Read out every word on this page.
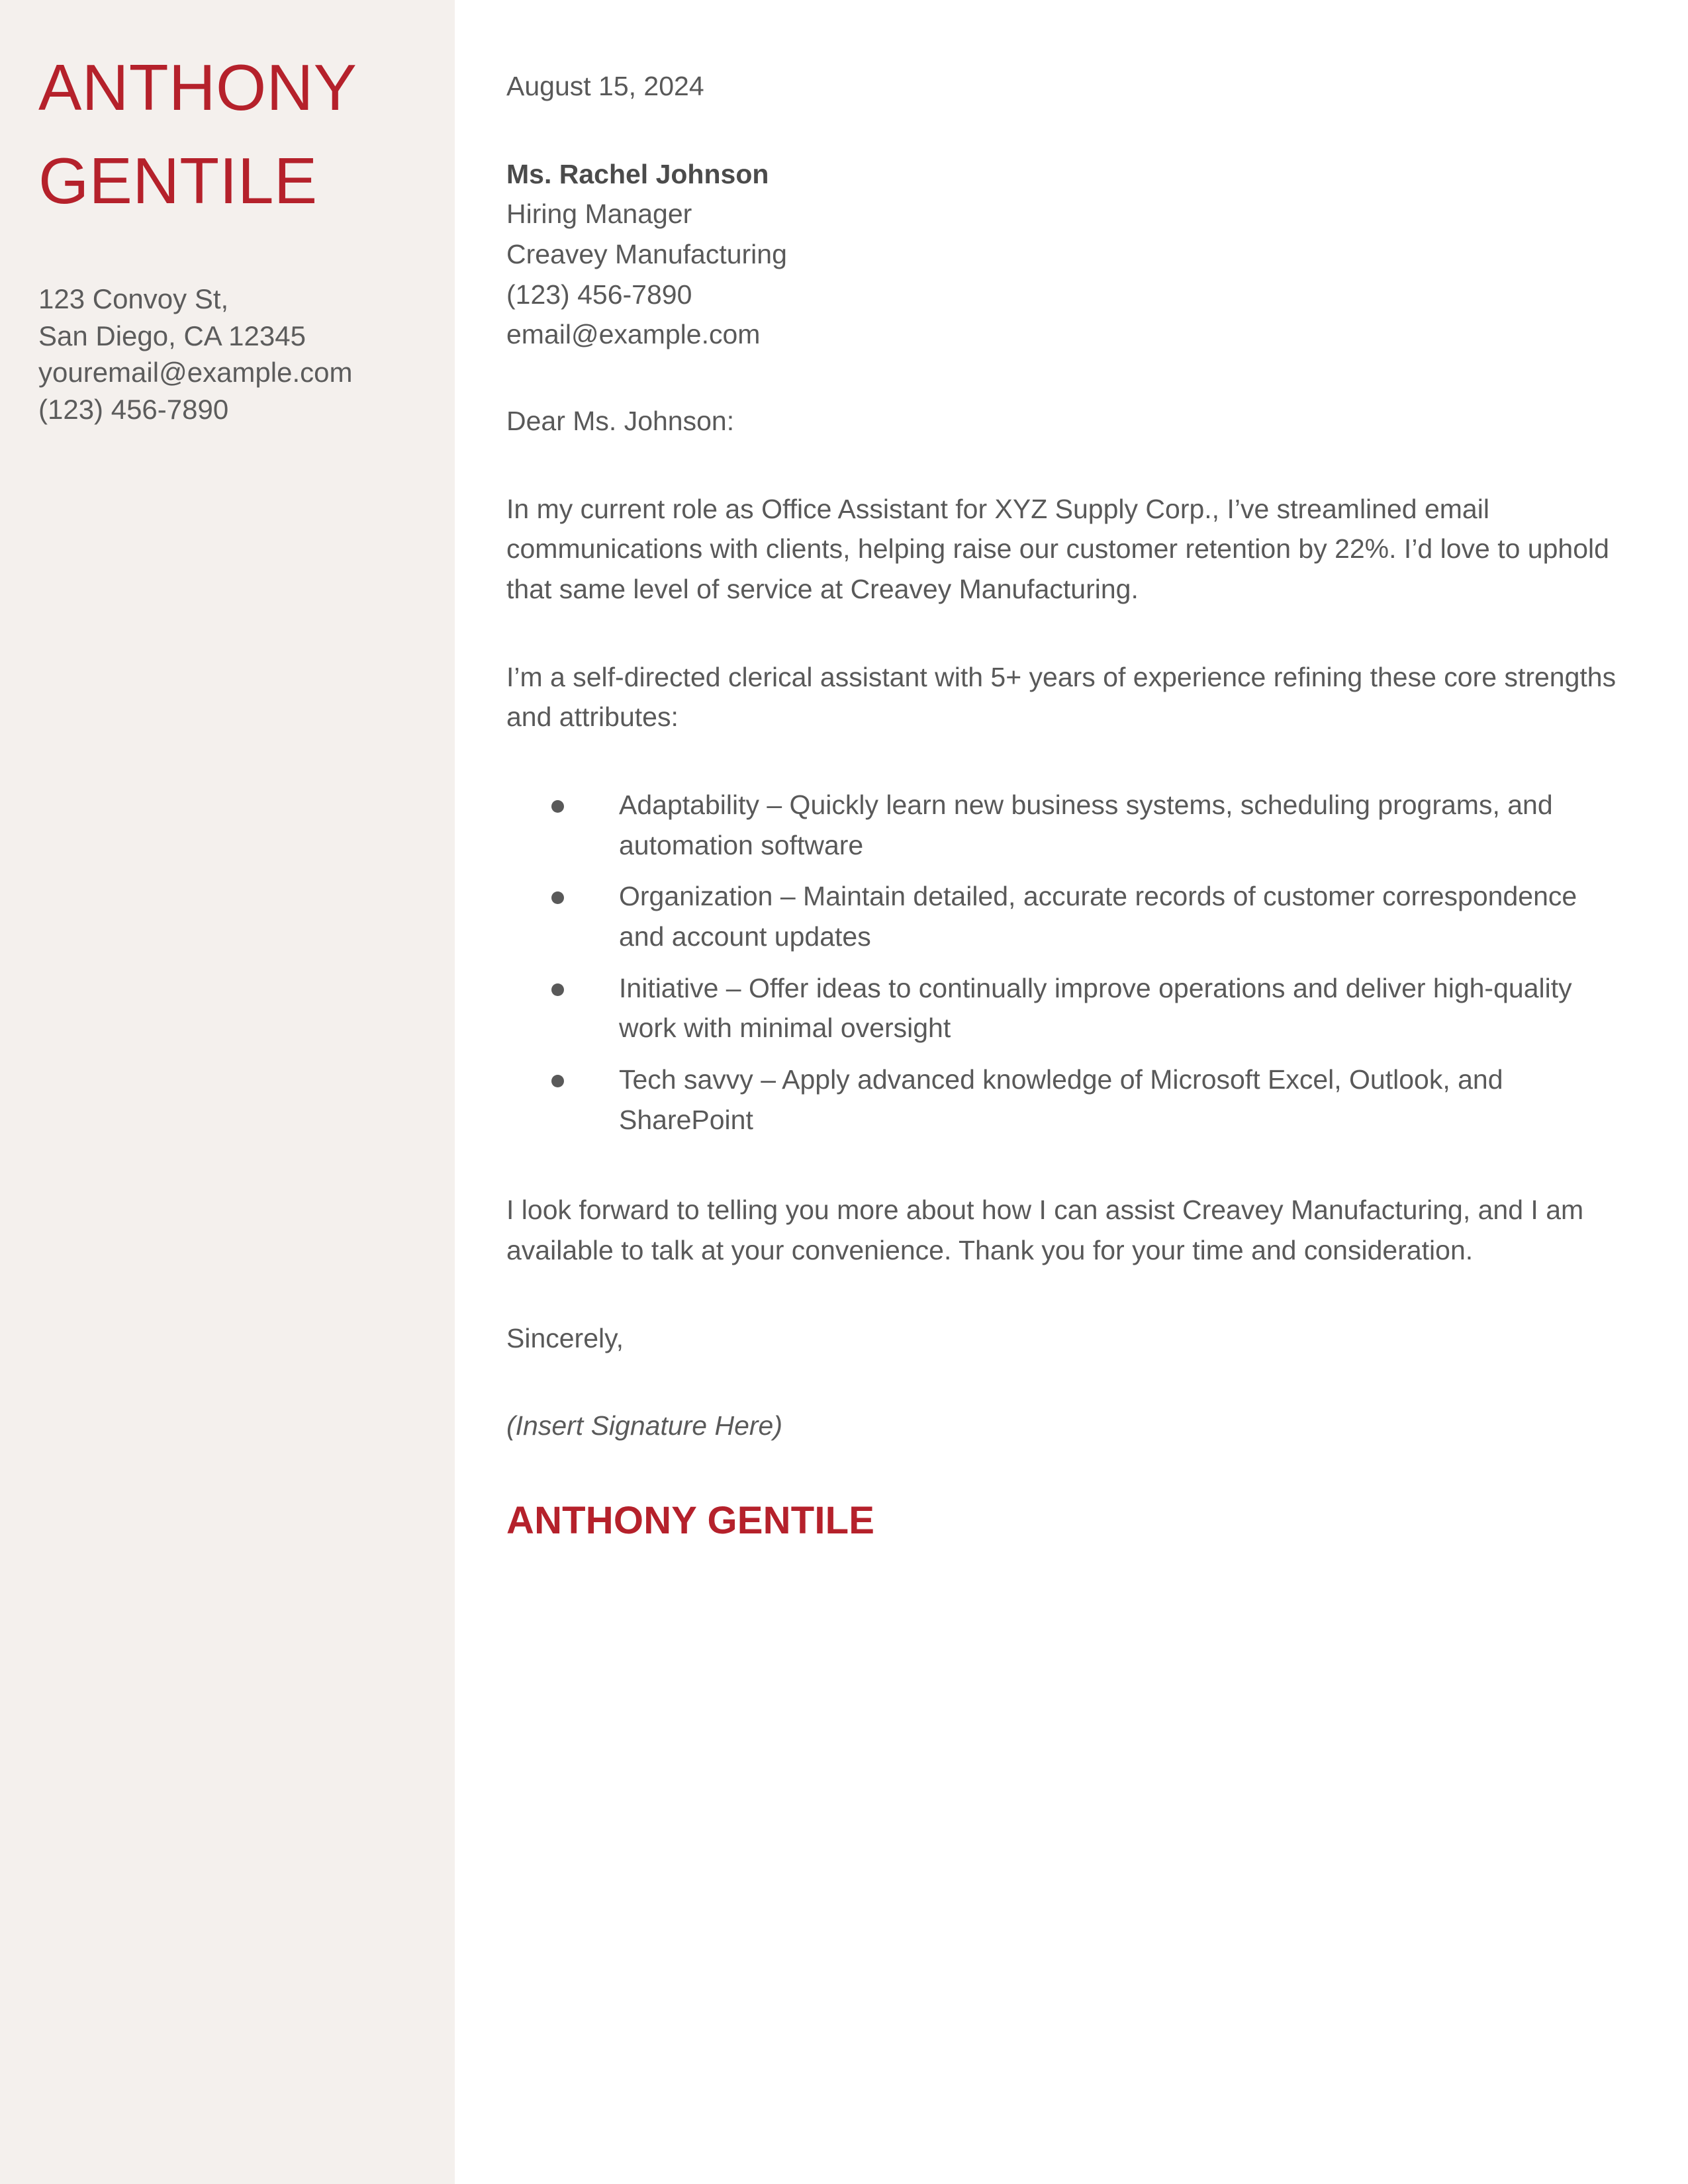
ANTHONY
GENTILE
123 Convoy St,
San Diego, CA 12345
youremail@example.com
(123) 456-7890

August 15, 2024

Ms. Rachel Johnson
Hiring Manager
Creavey Manufacturing
(123) 456-7890
email@example.com

Dear Ms. Johnson:

In my current role as Office Assistant for XYZ Supply Corp., I’ve streamlined email communications with clients, helping raise our customer retention by 22%. I’d love to uphold that same level of service at Creavey Manufacturing.

I’m a self-directed clerical assistant with 5+ years of experience refining these core strengths and attributes:

Adaptability – Quickly learn new business systems, scheduling programs, and automation software
Organization – Maintain detailed, accurate records of customer correspondence and account updates
Initiative – Offer ideas to continually improve operations and deliver high-quality work with minimal oversight
Tech savvy – Apply advanced knowledge of Microsoft Excel, Outlook, and SharePoint

I look forward to telling you more about how I can assist Creavey Manufacturing, and I am available to talk at your convenience. Thank you for your time and consideration.

Sincerely,

(Insert Signature Here)

ANTHONY GENTILE
